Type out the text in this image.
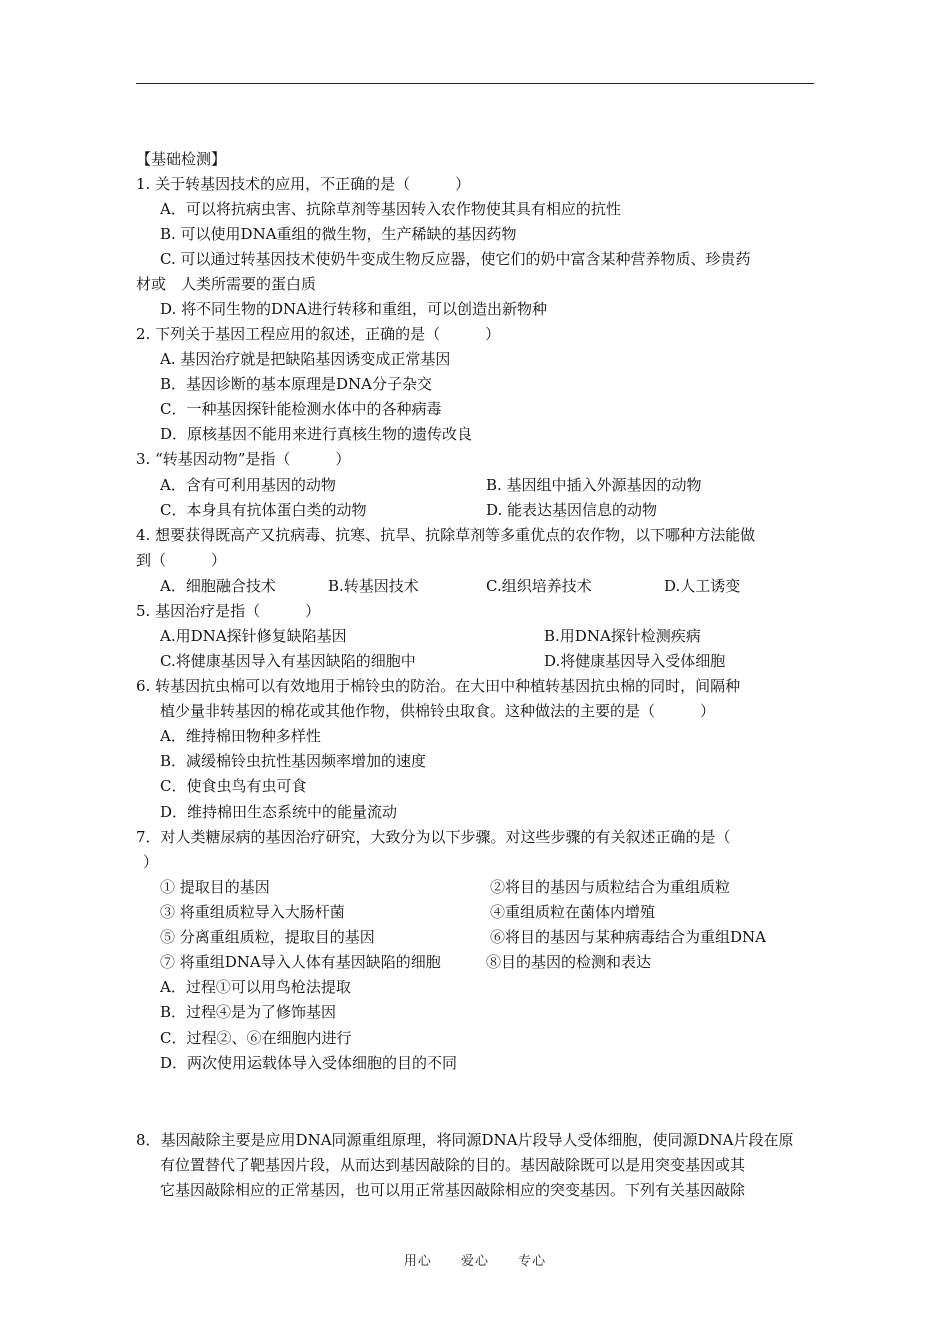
【基础检测】
1. 关于转基因技术的应用，不正确的是（　　　）
A．可以将抗病虫害、抗除草剂等基因转入农作物使其具有相应的抗性
B. 可以使用DNA重组的微生物，生产稀缺的基因药物
C. 可以通过转基因技术使奶牛变成生物反应器，使它们的奶中富含某种营养物质、珍贵药
材或　人类所需要的蛋白质
D. 将不同生物的DNA进行转移和重组，可以创造出新物种
2. 下列关于基因工程应用的叙述，正确的是（　　　）
A. 基因治疗就是把缺陷基因诱变成正常基因
B．基因诊断的基本原理是DNA分子杂交
C．一种基因探针能检测水体中的各种病毒
D．原核基因不能用来进行真核生物的遗传改良
3. “转基因动物”是指（　　　）
A．含有可利用基因的动物	B. 基因组中插入外源基因的动物
C．本身具有抗体蛋白类的动物	D. 能表达基因信息的动物
4. 想要获得既高产又抗病毒、抗寒、抗旱、抗除草剂等多重优点的农作物，以下哪种方法能做
到（　　　）
A．细胞融合技术	B.转基因技术	C.组织培养技术	D.人工诱变
5. 基因治疗是指（　　　）
A.用DNA探针修复缺陷基因	B.用DNA探针检测疾病
C.将健康基因导入有基因缺陷的细胞中	D.将健康基因导入受体细胞
6. 转基因抗虫棉可以有效地用于棉铃虫的防治。在大田中种植转基因抗虫棉的同时，间隔种
植少量非转基因的棉花或其他作物，供棉铃虫取食。这种做法的主要的是（　　　）
A．维持棉田物种多样性
B．减缓棉铃虫抗性基因频率增加的速度
C．使食虫鸟有虫可食
D．维持棉田生态系统中的能量流动
7．对人类糖尿病的基因治疗研究，大致分为以下步骤。对这些步骤的有关叙述正确的是（
）
① 提取目的基因	②将目的基因与质粒结合为重组质粒
③ 将重组质粒导入大肠杆菌	④重组质粒在菌体内增殖
⑤ 分离重组质粒，提取目的基因	⑥将目的基因与某种病毒结合为重组DNA
⑦ 将重组DNA导入人体有基因缺陷的细胞	⑧目的基因的检测和表达
A．过程①可以用鸟枪法提取
B．过程④是为了修饰基因
C．过程②、⑥在细胞内进行
D．两次使用运载体导入受体细胞的目的不同
8．基因敲除主要是应用DNA同源重组原理，将同源DNA片段导人受体细胞，使同源DNA片段在原
有位置替代了靶基因片段，从而达到基因敲除的目的。基因敲除既可以是用突变基因或其
它基因敲除相应的正常基因，也可以用正常基因敲除相应的突变基因。下列有关基因敲除
用心 爱心 专心
